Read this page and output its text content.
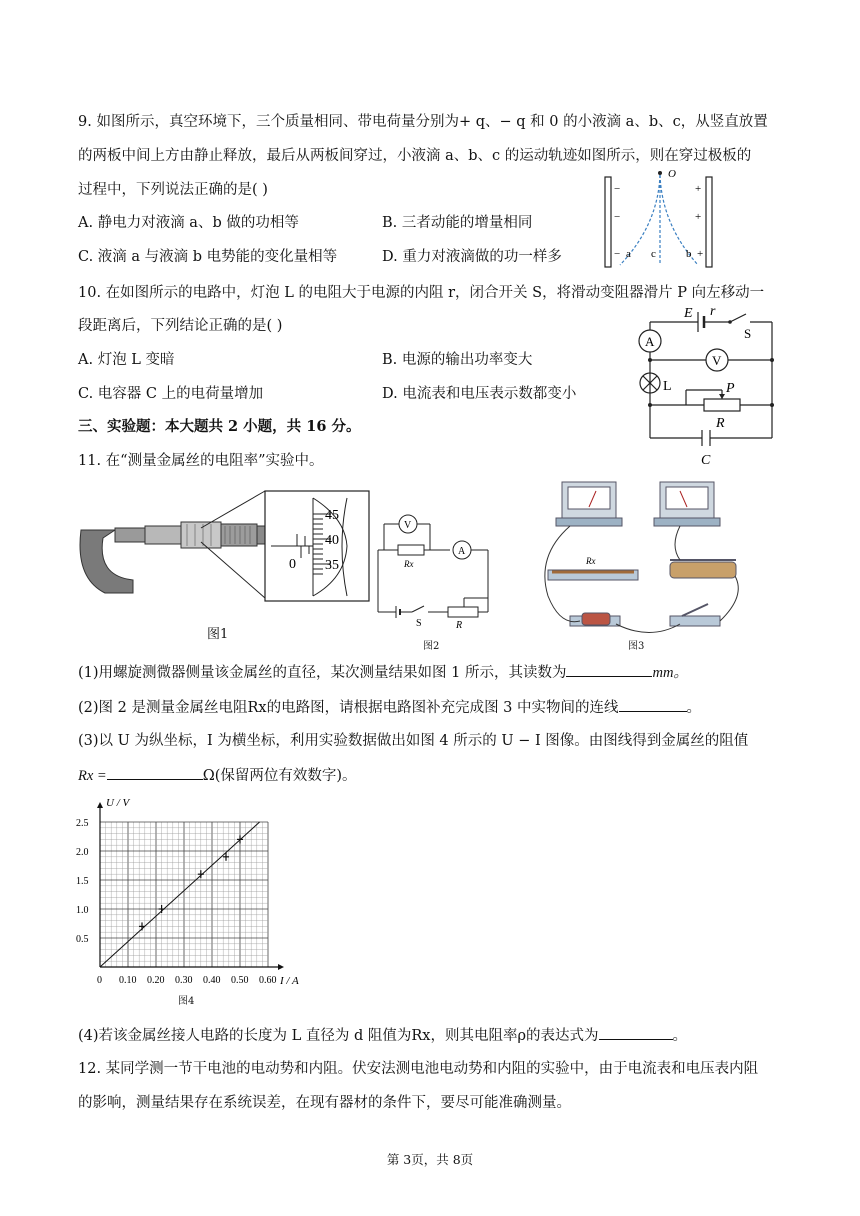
9. 如图所示，真空环境下，三个质量相同、带电荷量分别为+ q、− q 和 0 的小液滴 a、b、c，从竖直放置
的两板中间上方由静止释放，最后从两板间穿过，小液滴 a、b、c 的运动轨迹如图所示，则在穿过极板的
过程中，下列说法正确的是( )
A. 静电力对液滴 a、b 做的功相等	B. 三者动能的增量相同
C. 液滴 a 与液滴 b 电势能的变化量相等	D. 重力对液滴做的功一样多
O
−
−
−
+
+
+
a c	b
10. 在如图所示的电路中，灯泡 L 的电阻大于电源的内阻 r，闭合开关 S，将滑动变阻器滑片 P 向左移动一
段距离后，下列结论正确的是( )
A. 灯泡 L 变暗	B. 电源的输出功率变大
C. 电容器 C 上的电荷量增加	D. 电流表和电压表示数都变小
E r
S
A
V
L	P
R
C
三、实验题：本大题共 2 小题，共 16 分。
11. 在“测量金属丝的电阻率”实验中。
0
45
40
35
图1
V
A
Rx
S	R
图2
Rx
图3
(1)用螺旋测微器侧量该金属丝的直径，某次测量结果如图 1 所示，其读数为	mm。
(2)图 2 是测量金属丝电阻Rx的电路图，请根据电路图补充完成图 3 中实物间的连线	。
(3)以 U 为纵坐标，I 为横坐标，利用实验数据做出如图 4 所示的 U − I 图像。由图线得到金属丝的阻值
Rx =	Ω(保留两位有效数字)。
0 0.10 0.20 0.30 0.40 0.50 0.60
0.5
1.0
1.5
2.0
2.5
U / V
I / A
图4
(4)若该金属丝接人电路的长度为 L 直径为 d 阻值为Rx，则其电阻率ρ的表达式为	。
12. 某同学测一节干电池的电动势和内阻。伏安法测电池电动势和内阻的实验中，由于电流表和电压表内阻
的影响，测量结果存在系统误差，在现有器材的条件下，要尽可能准确测量。
第 3页，共 8页
